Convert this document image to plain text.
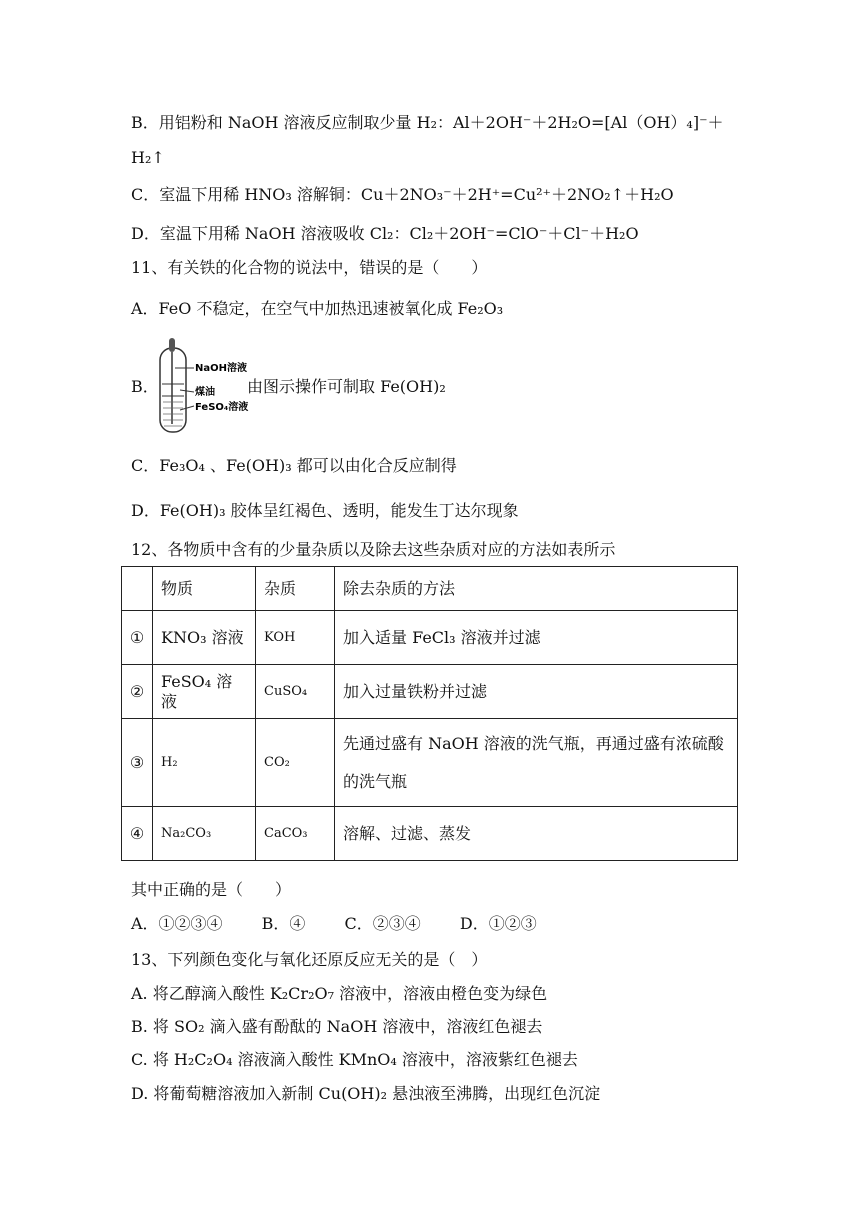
B．用铝粉和 NaOH 溶液反应制取少量 H₂：Al＋2OH⁻＋2H₂O=[Al（OH）₄]⁻＋
H₂↑
C．室温下用稀 HNO₃ 溶解铜：Cu＋2NO₃⁻＋2H⁺=Cu²⁺＋2NO₂↑＋H₂O
D．室温下用稀 NaOH 溶液吸收 Cl₂：Cl₂＋2OH⁻=ClO⁻＋Cl⁻＋H₂O
11、有关铁的化合物的说法中，错误的是（　　）
A．FeO 不稳定，在空气中加热迅速被氧化成 Fe₂O₃
B．
NaOH溶液
煤油
FeSO₄溶液
由图示操作可制取 Fe(OH)₂
C．Fe₃O₄ 、Fe(OH)₃ 都可以由化合反应制得
D．Fe(OH)₃ 胶体呈红褐色、透明，能发生丁达尔现象
12、各物质中含有的少量杂质以及除去这些杂质对应的方法如表所示
	物质	杂质	除去杂质的方法
①	KNO₃ 溶液	KOH	加入适量 FeCl₃ 溶液并过滤
②	FeSO₄ 溶液	CuSO₄	加入过量铁粉并过滤
③	H₂	CO₂	先通过盛有 NaOH 溶液的洗气瓶，再通过盛有浓硫酸的洗气瓶
④	Na₂CO₃	CaCO₃	溶解、过滤、蒸发
其中正确的是（　　）
A．①②③④ B．④ C．②③④ D．①②③
13、下列颜色变化与氧化还原反应无关的是（　）
A. 将乙醇滴入酸性 K₂Cr₂O₇ 溶液中，溶液由橙色变为绿色
B. 将 SO₂ 滴入盛有酚酞的 NaOH 溶液中，溶液红色褪去
C. 将 H₂C₂O₄ 溶液滴入酸性 KMnO₄ 溶液中，溶液紫红色褪去
D. 将葡萄糖溶液加入新制 Cu(OH)₂ 悬浊液至沸腾，出现红色沉淀
